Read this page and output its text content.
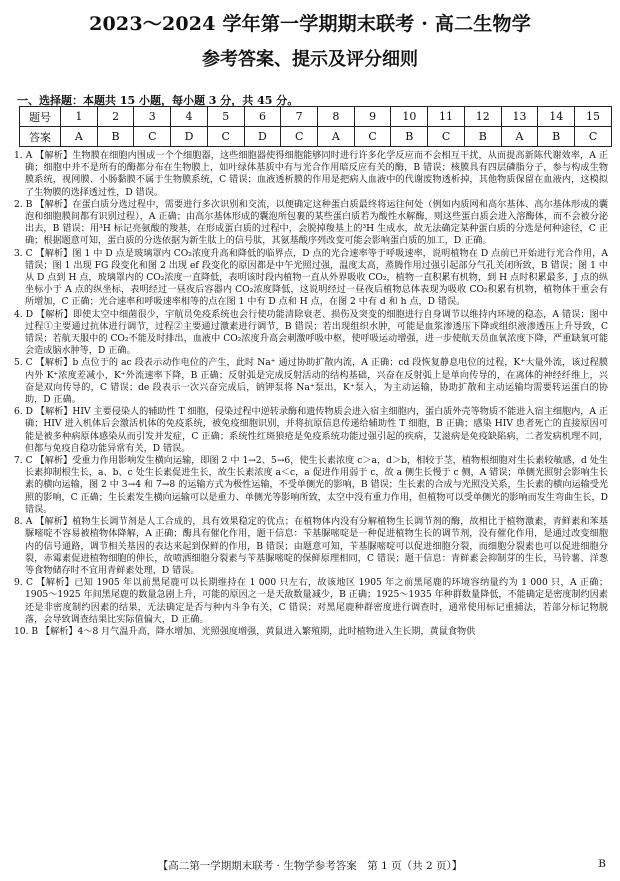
2023～2024 学年第一学期期末联考 · 高二生物学
参考答案、提示及评分细则
一、选择题：本题共 15 小题，每小题 3 分，共 45 分。
题号	1	2	3	4	5	6	7	8	9	10	11	12	13	14	15
答案	A	B	C	D	C	D	C	A	C	B	C	B	A	B	C

1. A 【解析】生物膜在细胞内围成一个个细胞器，这些细胞器使得细胞能够同时进行许多化学反应而不会相互干扰，从而提高新陈代谢效率，A 正确；细胞中并不是所有的酶都分布在生物膜上，如叶绿体基质中有与光合作用暗反应有关的酶，B 错误；核膜具有四层磷脂分子，参与构成生物膜系统，视网膜、小肠黏膜不属于生物膜系统，C 错误；血液透析膜的作用是把病人血液中的代谢废物透析掉，其他物质保留在血液内，这模拟了生物膜的选择透过性，D 错误。

2. B 【解析】在蛋白质分选过程中，需要进行多次识别和交流，以便确定这种蛋白质最终将运往何处（例如内质网和高尔基体、高尔基体形成的囊泡和细胞膜间都有识别过程），A 正确；由高尔基体形成的囊泡所包裹的某些蛋白质若为酸性水解酶，则这些蛋白质会进入溶酶体，而不会被分泌出去，B 错误；用³H 标记亮氨酸的羧基，在形成蛋白质的过程中，会脱掉羧基上的³H 生成水，故无法确定某种蛋白质的分选是何种途径，C 正确；根据题意可知，蛋白质的分选依据为新生肽上的信号肽，其氨基酸序列改变可能会影响蛋白质的加工，D 正确。

3. C 【解析】图 1 中 D 点是玻璃罩内 CO₂浓度升高和降低的临界点，D 点的光合速率等于呼吸速率，说明植物在 D 点前已开始进行光合作用，A 错误；图 1 出现 FG 段变化和图 2 出现 ef 段变化的原因都是中午光照过强，温度太高，蒸腾作用过强引起部分气孔关闭所致，B 错误；图 1 中从 D 点到 H 点，玻璃罩内的 CO₂浓度一直降低，表明该时段内植物一直从外界吸收 CO₂，植物一直积累有机物，到 H 点时积累最多，J 点的纵坐标小于 A 点的纵坐标，表明经过一昼夜后容器内 CO₂浓度降低，这说明经过一昼夜后植物总体表现为吸收 CO₂积累有机物，植物体干重会有所增加，C 正确；光合速率和呼吸速率相等的点在图 1 中有 D 点和 H 点，在图 2 中有 d 和 h 点，D 错误。

4. D 【解析】即使太空中细菌很少，宇航员免疫系统也会行使功能清除衰老、损伤及突变的细胞进行自身调节以维持内环境的稳态，A 错误；图中过程①主要通过抗体进行调节，过程②主要通过激素进行调节，B 错误；若出现组织水肿，可能是血浆渗透压下降或组织液渗透压上升导致，C 错误；若航天服中的 CO₂不能及时排出，血液中 CO₂浓度升高会刺激呼吸中枢，使呼吸运动增强，进一步使航天员血氧浓度下降，严重缺氧可能会造成脑水肿等，D 正确。

5. C 【解析】b 点位于的 ac 段表示动作电位的产生，此时 Na⁺ 通过协助扩散内流，A 正确；cd 段恢复静息电位的过程，K⁺大量外流，该过程膜内外 K⁺浓度差减小，K⁺外流速率下降，B 正确；反射弧是完成反射活动的结构基础，兴奋在反射弧上是单向传导的，在离体的神经纤维上，兴奋是双向传导的，C 错误；de 段表示一次兴奋完成后，钠钾泵将 Na⁺泵出，K⁺泵入，为主动运输，协助扩散和主动运输均需要转运蛋白的协助，D 正确。

6. D 【解析】HIV 主要侵染人的辅助性 T 细胞，侵染过程中逆转录酶和遗传物质会进入宿主细胞内，蛋白质外壳等物质不能进入宿主细胞内，A 正确；HIV 进入机体后会激活机体的免疫系统，被免疫细胞识别，并将抗原信息传递给辅助性 T 细胞，B 正确；感染 HIV 患者死亡的直接原因可能是被多种病原体感染从而引发并发症，C 正确；系统性红斑狼疮是免疫系统功能过强引起的疾病，艾滋病是免疫缺陷病，二者发病机理不同，但都与免疫自稳功能异常有关，D 错误。

7. C 【解析】受重力作用影响发生横向运输，即图 2 中 1→2、5→6，使生长素浓度 c＞a，d＞b，相较于茎，植物根细胞对生长素较敏感，d 处生长素抑制根生长，a、b、c 处生长素促进生长，故生长素浓度 a＜c，a 促进作用弱于 c，故 a 侧生长慢于 c 侧，A 错误；单侧光照射会影响生长素的横向运输，图 2 中 3→4 和 7→8 的运输方式为极性运输，不受单侧光的影响，B 错误；生长素的合成与光照没关系，生长素的横向运输受光照的影响，C 正确；生长素发生横向运输可以是重力、单侧光等影响所致，太空中没有重力作用，但植物可以受单侧光的影响而发生弯曲生长，D 错误。

8. A 【解析】植物生长调节剂是人工合成的，具有效果稳定的优点；在植物体内没有分解植物生长调节剂的酶，故相比于植物激素，青鲜素和苯基脲嘧啶不容易被植物体降解，A 正确；酶具有催化作用，题干信息：苄基脲嘧啶是一种促进植物生长的调节剂，没有催化作用，是通过改变细胞内的信号通路，调节相关基因的表达来起到保鲜的作用，B 错误；由题意可知，苄基脲嘧啶可以促进细胞分裂，而细胞分裂素也可以促进细胞分裂，赤霉素促进植物细胞的伸长，故喷洒细胞分裂素与苄基脲嘧啶的保鲜原理相同，C 错误；题干信息：青鲜素会抑制芽的生长，马铃薯、洋葱等食物储存时不宜用青鲜素处理，D 错误。

9. C 【解析】已知 1905 年以前黑尾鹿可以长期维持在 1 000 只左右，故该地区 1905 年之前黑尾鹿的环境容纳量约为 1 000 只，A 正确；1905～1925 年间黑尾鹿的数量急剧上升，可能的原因之一是天敌数量减少，B 正确；1925～1935 年种群数量降低，不能确定是密度制约因素还是非密度制约因素的结果，无法确定是否与种内斗争有关，C 错误；对黑尾鹿种群密度进行调查时，通常使用标记重捕法，若部分标记物脱落，会导致调查结果比实际值偏大，D 正确。

10. B 【解析】4～8 月气温升高，降水增加、光照强度增强，黄鼠进入繁殖期，此时植物进入生长期，黄鼠食物供

【高二第一学期期末联考 · 生物学参考答案　第 1 页（共 2 页）】	B
